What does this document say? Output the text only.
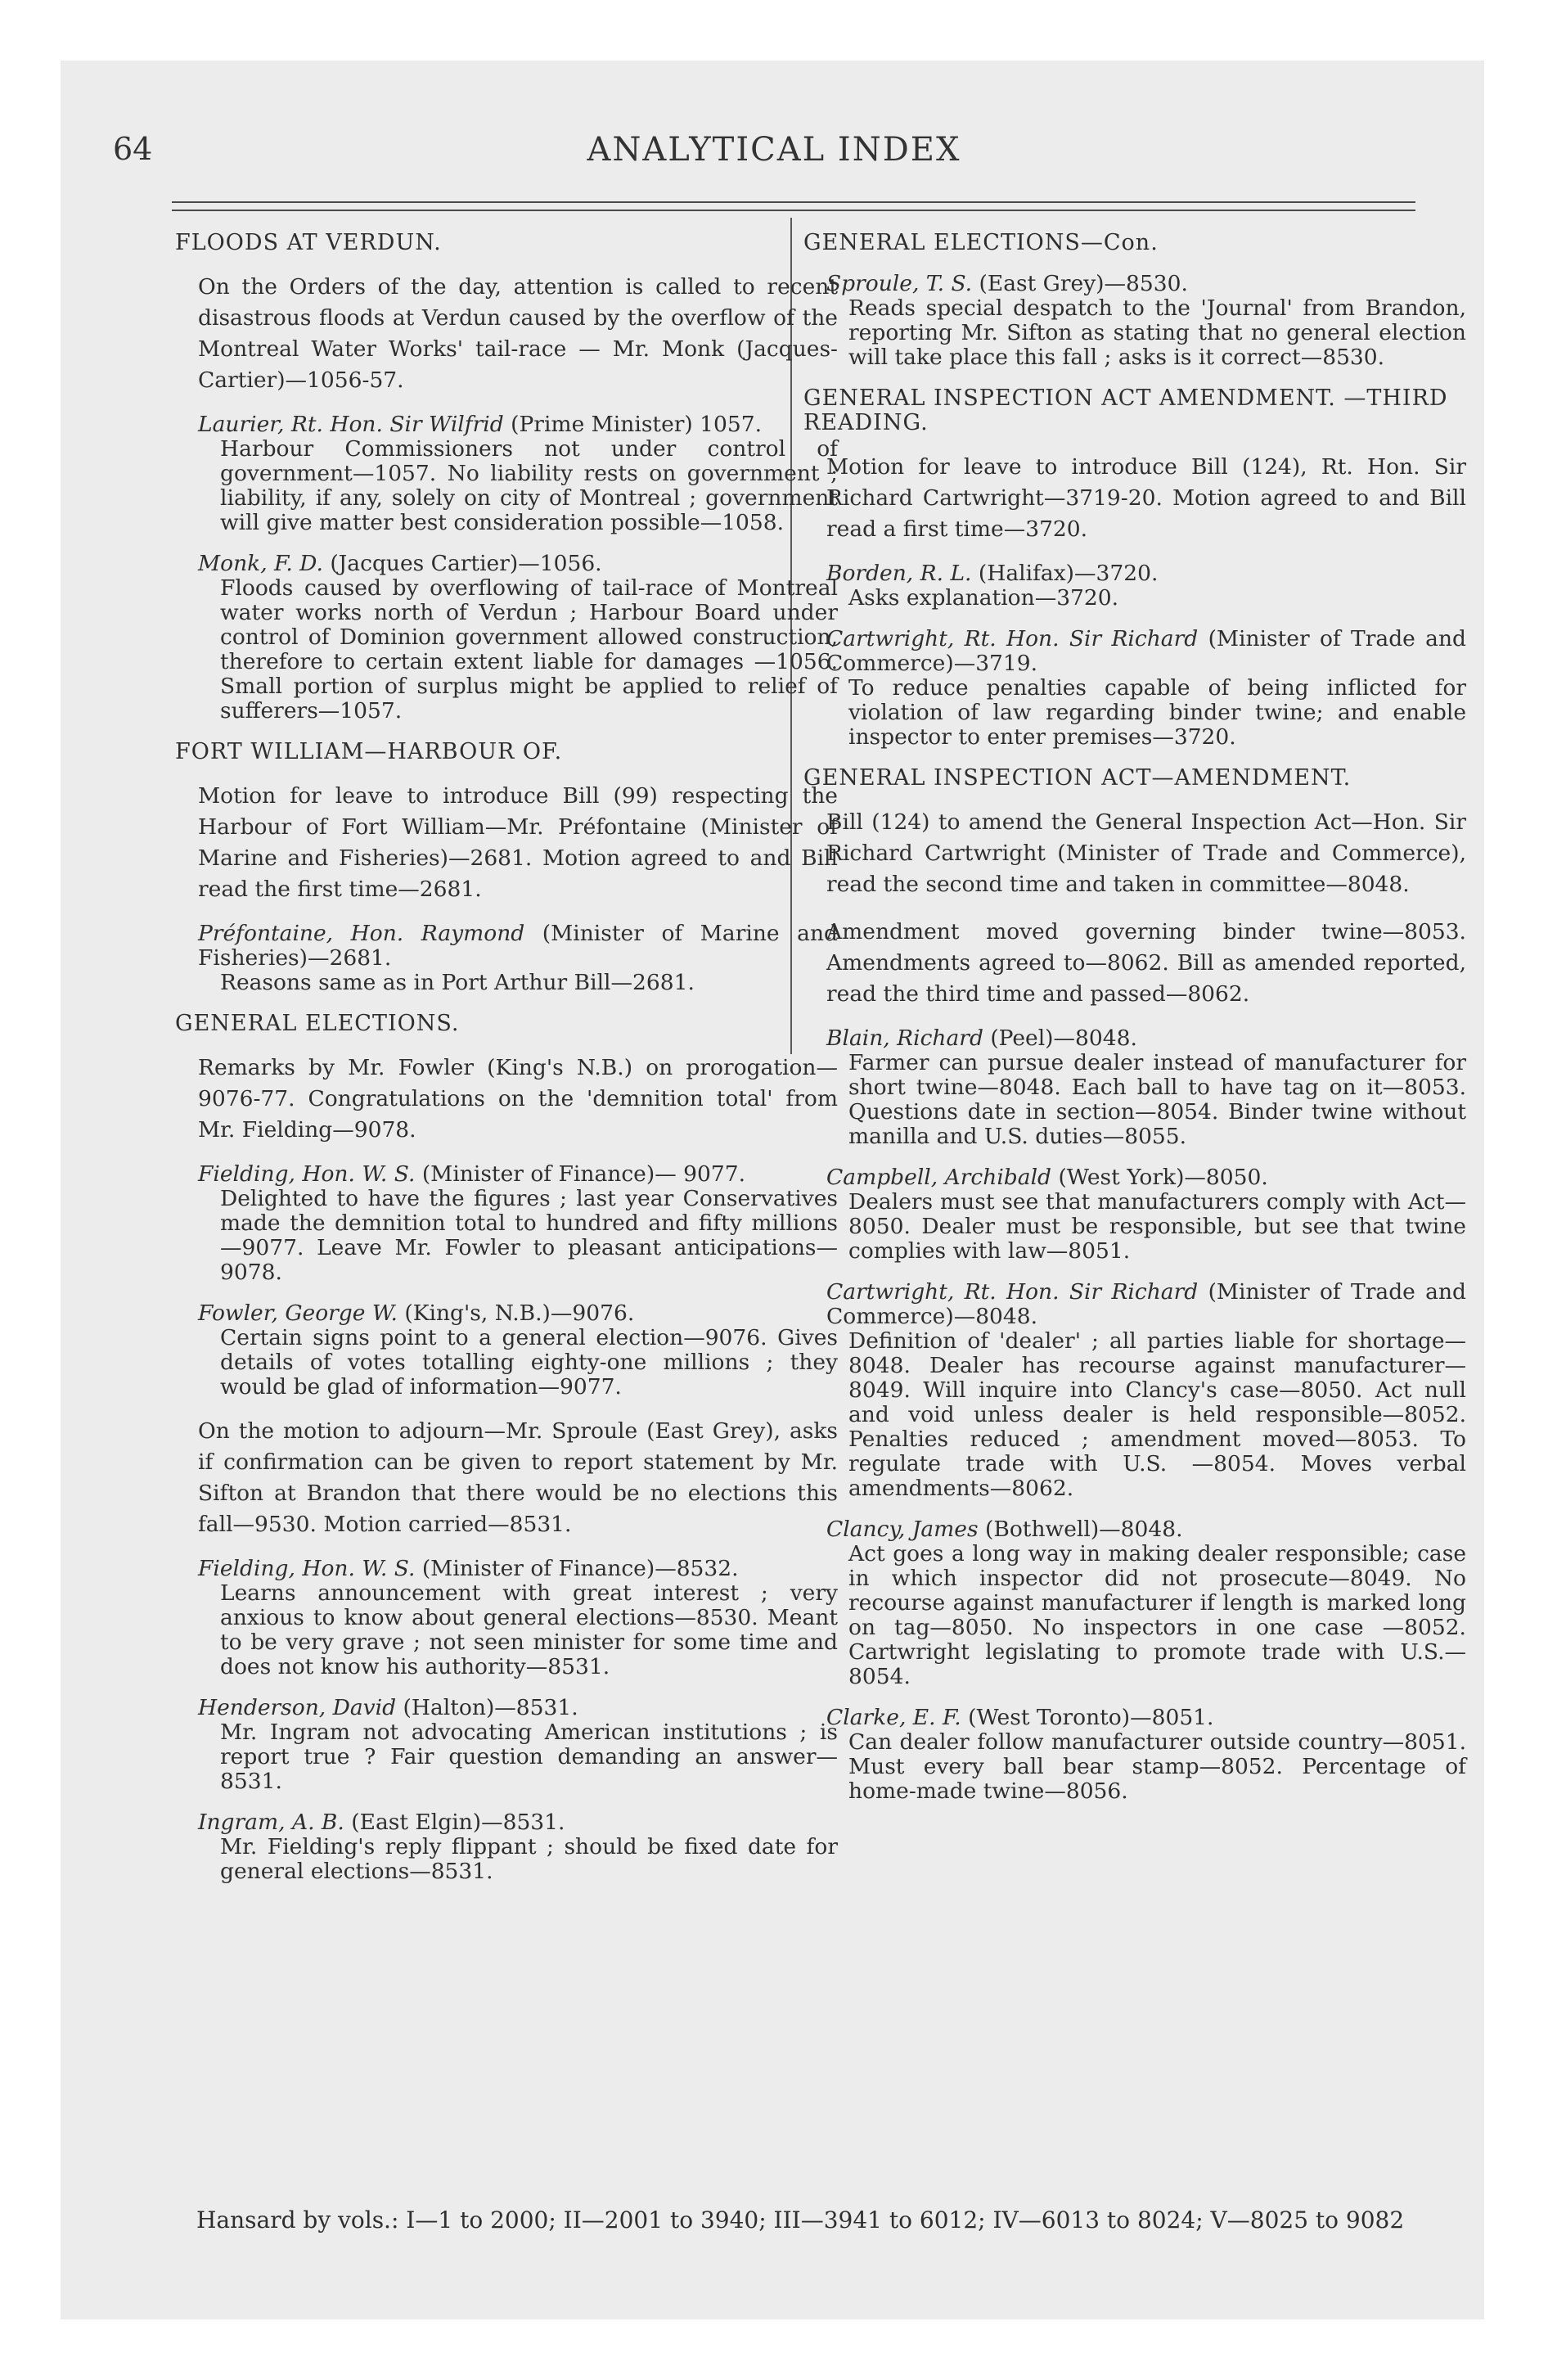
64	ANALYTICAL INDEX
FLOODS AT VERDUN.
On the Orders of the day, attention is called to recent disastrous floods at Verdun caused by the overflow of the Montreal Water Works' tail-race — Mr. Monk (Jacques-Cartier)—1056-57.
Laurier, Rt. Hon. Sir Wilfrid (Prime Minister) 1057.
Harbour Commissioners not under control of government—1057. No liability rests on government ; liability, if any, solely on city of Montreal ; government will give matter best consideration possible—1058.
Monk, F. D. (Jacques Cartier)—1056.
Floods caused by overflowing of tail-race of Montreal water works north of Verdun ; Harbour Board under control of Dominion government allowed construction, therefore to certain extent liable for damages —1056. Small portion of surplus might be applied to relief of sufferers—1057.
FORT WILLIAM—HARBOUR OF.
Motion for leave to introduce Bill (99) respecting the Harbour of Fort William—Mr. Préfontaine (Minister of Marine and Fisheries)—2681. Motion agreed to and Bill read the first time—2681.
Préfontaine, Hon. Raymond (Minister of Marine and Fisheries)—2681.
Reasons same as in Port Arthur Bill—2681.
GENERAL ELECTIONS.
Remarks by Mr. Fowler (King's N.B.) on prorogation—9076-77. Congratulations on the 'demnition total' from Mr. Fielding—9078.
Fielding, Hon. W. S. (Minister of Finance)— 9077.
Delighted to have the figures ; last year Conservatives made the demnition total to hundred and fifty millions—9077. Leave Mr. Fowler to pleasant anticipations—9078.
Fowler, George W. (King's, N.B.)—9076.
Certain signs point to a general election—9076. Gives details of votes totalling eighty-one millions ; they would be glad of information—9077.
On the motion to adjourn—Mr. Sproule (East Grey), asks if confirmation can be given to report statement by Mr. Sifton at Brandon that there would be no elections this fall—9530. Motion carried—8531.
Fielding, Hon. W. S. (Minister of Finance)—8532.
Learns announcement with great interest ; very anxious to know about general elections—8530. Meant to be very grave ; not seen minister for some time and does not know his authority—8531.
Henderson, David (Halton)—8531.
Mr. Ingram not advocating American institutions ; is report true ? Fair question demanding an answer—8531.
Ingram, A. B. (East Elgin)—8531.
Mr. Fielding's reply flippant ; should be fixed date for general elections—8531.
GENERAL ELECTIONS—Con.
Sproule, T. S. (East Grey)—8530.
Reads special despatch to the 'Journal' from Brandon, reporting Mr. Sifton as stating that no general election will take place this fall ; asks is it correct—8530.
GENERAL INSPECTION ACT AMENDMENT. —THIRD READING.
Motion for leave to introduce Bill (124), Rt. Hon. Sir Richard Cartwright—3719-20. Motion agreed to and Bill read a first time—3720.
Borden, R. L. (Halifax)—3720.
Asks explanation—3720.
Cartwright, Rt. Hon. Sir Richard (Minister of Trade and Commerce)—3719.
To reduce penalties capable of being inflicted for violation of law regarding binder twine; and enable inspector to enter premises—3720.
GENERAL INSPECTION ACT—AMENDMENT.
Bill (124) to amend the General Inspection Act—Hon. Sir Richard Cartwright (Minister of Trade and Commerce), read the second time and taken in committee—8048.
Amendment moved governing binder twine—8053. Amendments agreed to—8062. Bill as amended reported, read the third time and passed—8062.
Blain, Richard (Peel)—8048.
Farmer can pursue dealer instead of manufacturer for short twine—8048. Each ball to have tag on it—8053. Questions date in section—8054. Binder twine without manilla and U.S. duties—8055.
Campbell, Archibald (West York)—8050.
Dealers must see that manufacturers comply with Act—8050. Dealer must be responsible, but see that twine complies with law—8051.
Cartwright, Rt. Hon. Sir Richard (Minister of Trade and Commerce)—8048.
Definition of 'dealer' ; all parties liable for shortage—8048. Dealer has recourse against manufacturer—8049. Will inquire into Clancy's case—8050. Act null and void unless dealer is held responsible—8052. Penalties reduced ; amendment moved—8053. To regulate trade with U.S. —8054. Moves verbal amendments—8062.
Clancy, James (Bothwell)—8048.
Act goes a long way in making dealer responsible; case in which inspector did not prosecute—8049. No recourse against manufacturer if length is marked long on tag—8050. No inspectors in one case —8052. Cartwright legislating to promote trade with U.S.—8054.
Clarke, E. F. (West Toronto)—8051.
Can dealer follow manufacturer outside country—8051. Must every ball bear stamp—8052. Percentage of home-made twine—8056.
Hansard by vols.: I—1 to 2000; II—2001 to 3940; III—3941 to 6012; IV—6013 to 8024; V—8025 to 9082
